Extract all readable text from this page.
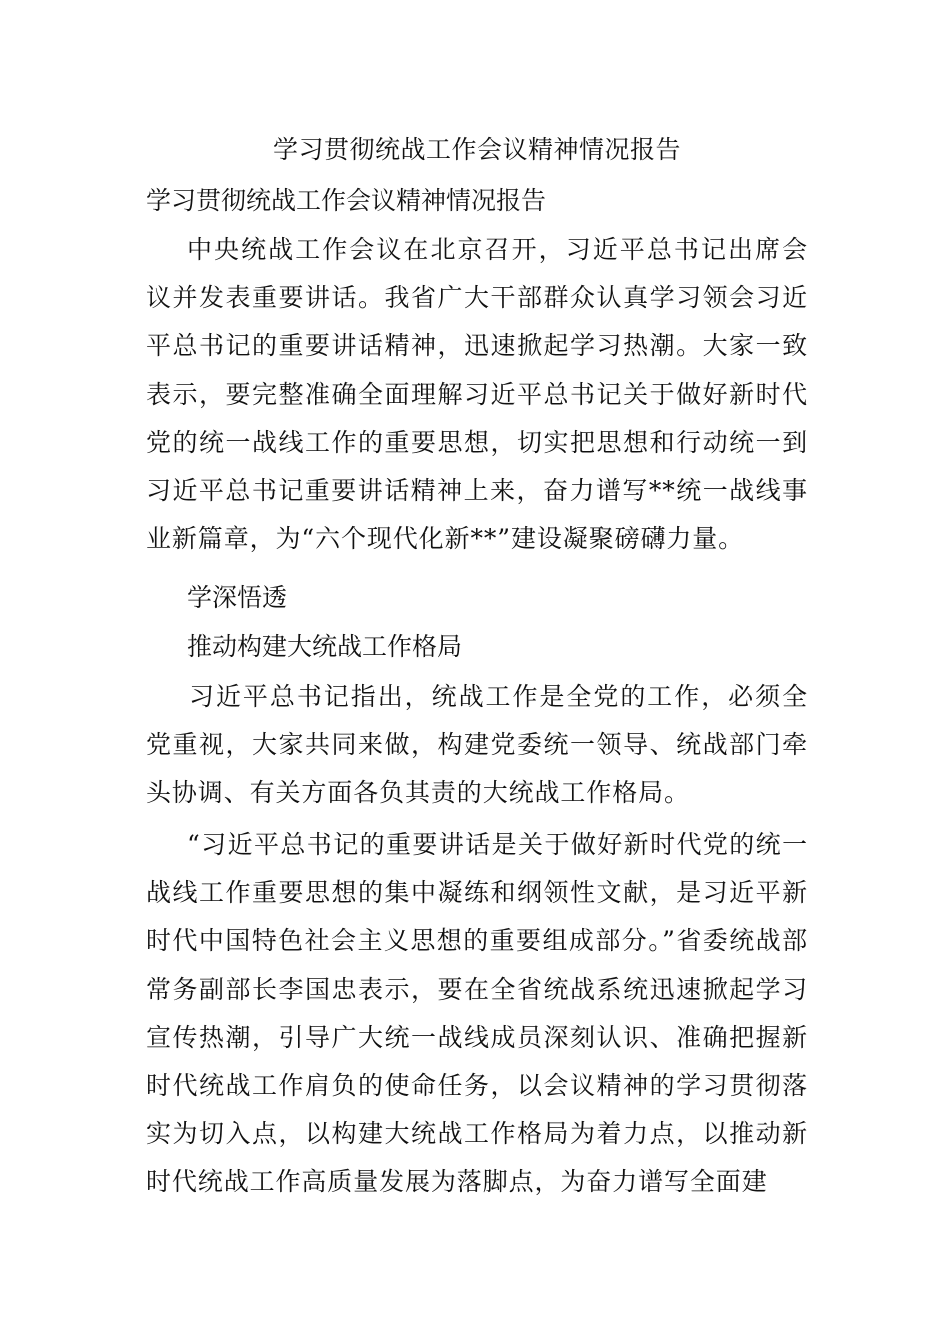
学习贯彻统战工作会议精神情况报告

学习贯彻统战工作会议精神情况报告

中央统战工作会议在北京召开，习近平总书记出席会议并发表重要讲话。我省广大干部群众认真学习领会习近平总书记的重要讲话精神，迅速掀起学习热潮。大家一致表示，要完整准确全面理解习近平总书记关于做好新时代党的统一战线工作的重要思想，切实把思想和行动统一到习近平总书记重要讲话精神上来，奋力谱写**统一战线事业新篇章，为“六个现代化新**”建设凝聚磅礴力量。

学深悟透

推动构建大统战工作格局

习近平总书记指出，统战工作是全党的工作，必须全党重视，大家共同来做，构建党委统一领导、统战部门牵头协调、有关方面各负其责的大统战工作格局。

“习近平总书记的重要讲话是关于做好新时代党的统一战线工作重要思想的集中凝练和纲领性文献，是习近平新时代中国特色社会主义思想的重要组成部分。”省委统战部常务副部长李国忠表示，要在全省统战系统迅速掀起学习宣传热潮，引导广大统一战线成员深刻认识、准确把握新时代统战工作肩负的使命任务，以会议精神的学习贯彻落实为切入点，以构建大统战工作格局为着力点，以推动新时代统战工作高质量发展为落脚点，为奋力谱写全面建
